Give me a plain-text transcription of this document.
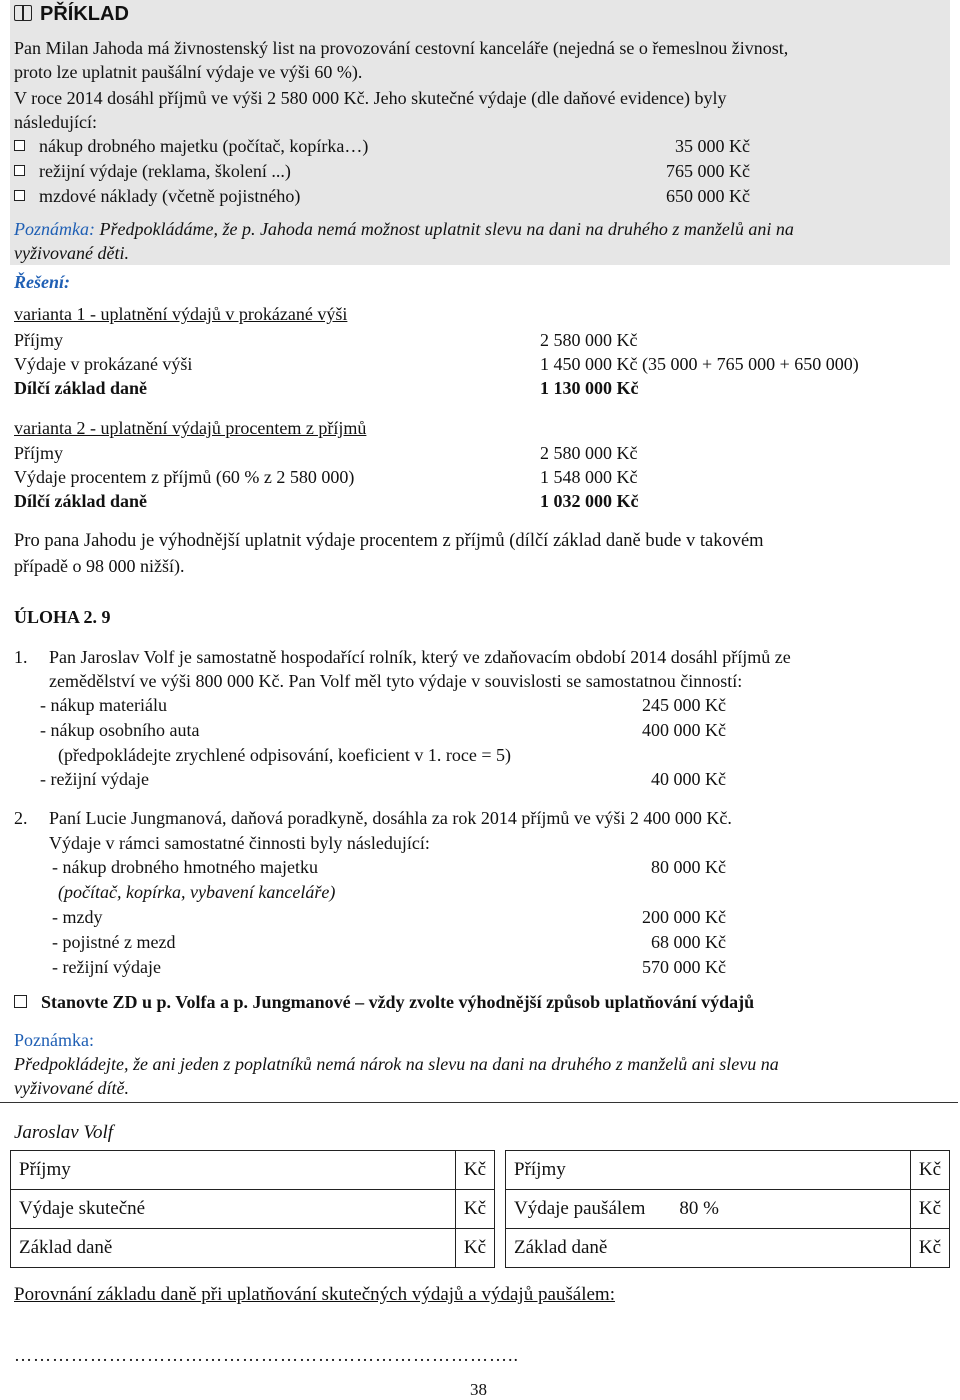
PŘÍKLAD
Pan Milan Jahoda má živnostenský list na provozování cestovní kanceláře (nejedná se o řemeslnou živnost,
proto lze uplatnit paušální výdaje ve výši 60 %).
V roce 2014 dosáhl příjmů ve výši 2 580 000 Kč. Jeho skutečné výdaje (dle daňové evidence) byly
následující:
nákup drobného majetku (počítač, kopírka…)	35 000 Kč
režijní výdaje (reklama, školení ...)	765 000 Kč
mzdové náklady (včetně pojistného)	650 000 Kč
Poznámka: Předpokládáme, že p. Jahoda nemá možnost uplatnit slevu na dani na druhého z manželů ani na
vyživované děti.
Řešení:
varianta 1 - uplatnění výdajů v prokázané výši
Příjmy	2 580 000 Kč
Výdaje v prokázané výši	1 450 000 Kč (35 000 + 765 000 + 650 000)
Dílčí základ daně	1 130 000 Kč
varianta 2 - uplatnění výdajů procentem z příjmů
Příjmy	2 580 000 Kč
Výdaje procentem z příjmů (60 % z 2 580 000)	1 548 000 Kč
Dílčí základ daně	1 032 000 Kč
Pro pana Jahodu je výhodnější uplatnit výdaje procentem z příjmů (dílčí základ daně bude v takovém
případě o 98 000 nižší).
ÚLOHA 2. 9
1. Pan Jaroslav Volf je samostatně hospodařící rolník, který ve zdaňovacím období 2014 dosáhl příjmů ze
zemědělství ve výši 800 000 Kč. Pan Volf měl tyto výdaje v souvislosti se samostatnou činností:
- nákup materiálu	245 000 Kč
- nákup osobního auta	400 000 Kč
(předpokládejte zrychlené odpisování, koeficient v 1. roce = 5)
- režijní výdaje	40 000 Kč
2. Paní Lucie Jungmanová, daňová poradkyně, dosáhla za rok 2014 příjmů ve výši 2 400 000 Kč.
Výdaje v rámci samostatné činnosti byly následující:
- nákup drobného hmotného majetku	80 000 Kč
(počítač, kopírka, vybavení kanceláře)
- mzdy	200 000 Kč
- pojistné z mezd	68 000 Kč
- režijní výdaje	570 000 Kč
Stanovte ZD u p. Volfa a p. Jungmanové – vždy zvolte výhodnější způsob uplatňování výdajů
Poznámka:
Předpokládejte, že ani jeden z poplatníků nemá nárok na slevu na dani na druhého z manželů ani slevu na
vyživované dítě.
Jaroslav Volf
Příjmy	Kč
Výdaje skutečné	Kč
Základ daně	Kč
Příjmy	Kč
Výdaje paušálem 80 %	Kč
Základ daně	Kč
Porovnání základu daně při uplatňování skutečných výdajů a výdajů paušálem:
……………………………………………………………………..
38
